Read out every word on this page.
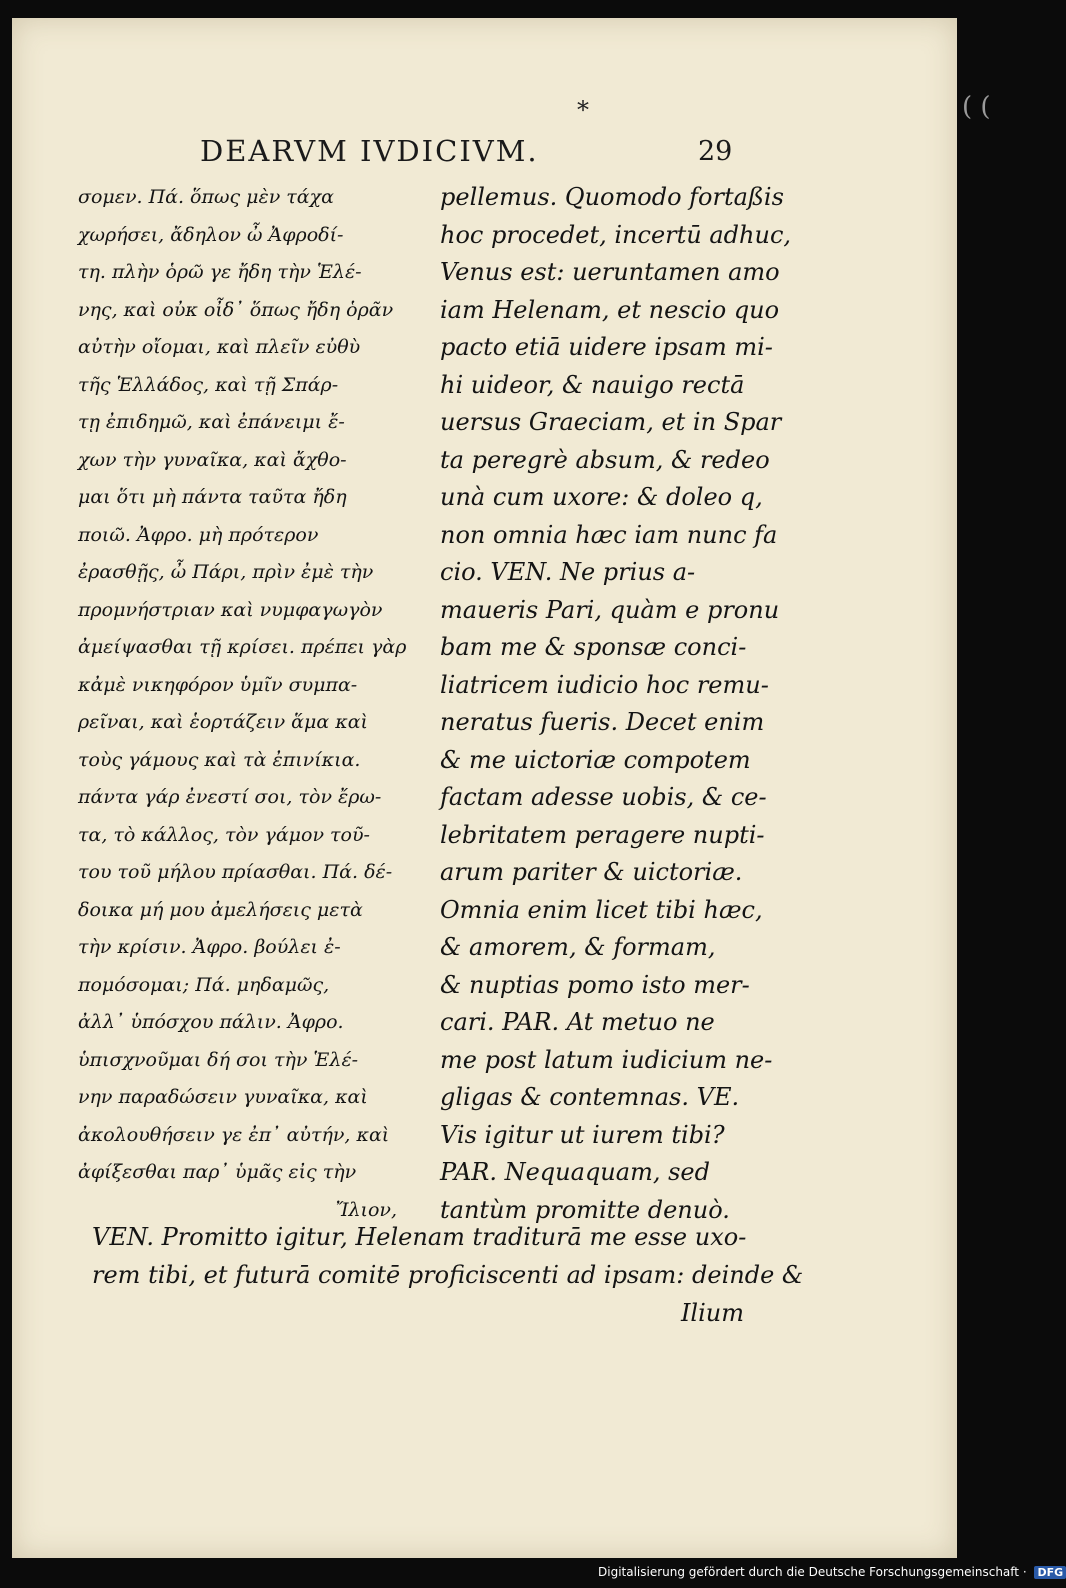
*
DEARVM IVDICIVM.	29
σομεν. Πά. ὅπως μὲν τάχα
χωρήσει, ἄδηλον ὦ Ἀφροδί-
τη. πλὴν ὁρῶ γε ἤδη τὴν Ἑλέ-
νης, καὶ οὐκ οἶδ᾽ ὅπως ἤδη ὁρᾶν
αὐτὴν οἴομαι, καὶ πλεῖν εὐθὺ
τῆς Ἑλλάδος, καὶ τῇ Σπάρ-
τῃ ἐπιδημῶ, καὶ ἐπάνειμι ἔ-
χων τὴν γυναῖκα, καὶ ἄχθο-
μαι ὅτι μὴ πάντα ταῦτα ἤδη
ποιῶ. Ἀφρο. μὴ πρότερον
ἐρασθῇς, ὦ Πάρι, πρὶν ἐμὲ τὴν
προμνήστριαν καὶ νυμφαγωγὸν
ἀμείψασθαι τῇ κρίσει. πρέπει γὰρ
κἀμὲ νικηφόρον ὑμῖν συμπα-
ρεῖναι, καὶ ἑορτάζειν ἅμα καὶ
τοὺς γάμους καὶ τὰ ἐπινίκια.
πάντα γάρ ἐνεστί σοι, τὸν ἔρω-
τα, τὸ κάλλος, τὸν γάμον τοῦ-
του τοῦ μήλου πρίασθαι. Πά. δέ-
δοικα μή μου ἀμελήσεις μετὰ
τὴν κρίσιν. Ἀφρο. βούλει ἐ-
πομόσομαι; Πά. μηδαμῶς,
ἀλλ᾽ ὑπόσχου πάλιν. Ἀφρο.
ὑπισχνοῦμαι δή σοι τὴν Ἑλέ-
νην παραδώσειν γυναῖκα, καὶ
ἀκολουθήσειν γε ἐπ᾽ αὐτήν, καὶ
ἀφίξεσθαι παρ᾽ ὑμᾶς εἰς τὴν
Ἴλιον,
pellemus. Quomodo fortaßis
hoc procedet, incertū adhuc,
Venus est: ueruntamen amo
iam Helenam, et nescio quo
pacto etiā uidere ipsam mi-
hi uideor, & nauigo rectā
uersus Graeciam, et in Spar
ta peregrè absum, & redeo
unà cum uxore: & doleo q,
non omnia hæc iam nunc fa
cio. VEN. Ne prius a-
maueris Pari, quàm e pronu
bam me & sponsæ conci-
liatricem iudicio hoc remu-
neratus fueris. Decet enim
& me uictoriæ compotem
factam adesse uobis, & ce-
lebritatem peragere nupti-
arum pariter & uictoriæ.
Omnia enim licet tibi hæc,
& amorem, & formam,
& nuptias pomo isto mer-
cari. PAR. At metuo ne
me post latum iudicium ne-
gligas & contemnas. VE.
Vis igitur ut iurem tibi?
PAR. Nequaquam, sed
tantùm promitte denuò.
VEN. Promitto igitur, Helenam traditurā me esse uxo-
rem tibi, et futurā comitē proficiscenti ad ipsam: deinde &
Ilium
( (
Digitalisierung gefördert durch die Deutsche Forschungsgemeinschaft · DFG
